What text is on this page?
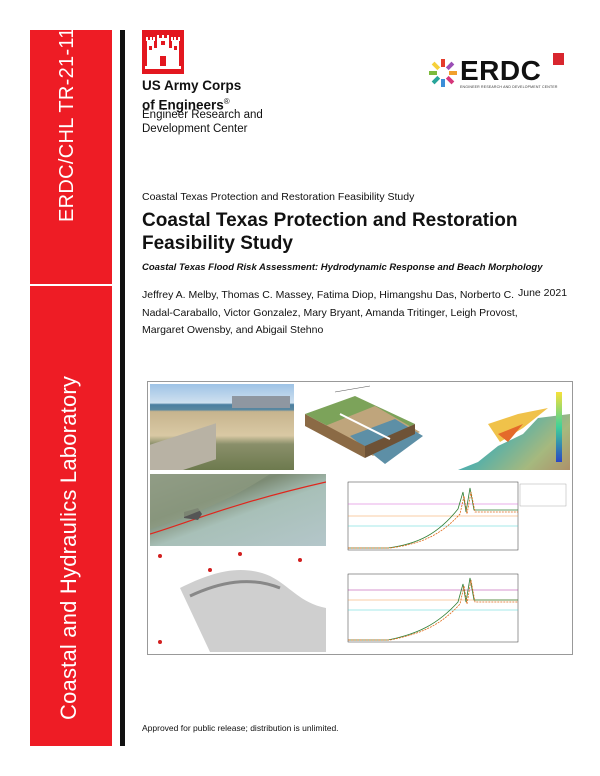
ERDC/CHL TR-21-11
Coastal and Hydraulics Laboratory
US Army Corps
of Engineers®
Engineer Research and
Development Center
ERDC
ENGINEER RESEARCH AND DEVELOPMENT CENTER
Coastal Texas Protection and Restoration Feasibility Study
Coastal Texas Protection and Restoration Feasibility Study
Coastal Texas Flood Risk Assessment: Hydrodynamic Response and Beach Morphology
Jeffrey A. Melby, Thomas C. Massey, Fatima Diop, Himangshu Das, Norberto C. Nadal-Caraballo, Victor Gonzalez, Mary Bryant, Amanda Tritinger, Leigh Provost, Margaret Owensby, and Abigail Stehno
June 2021
Approved for public release; distribution is unlimited.
